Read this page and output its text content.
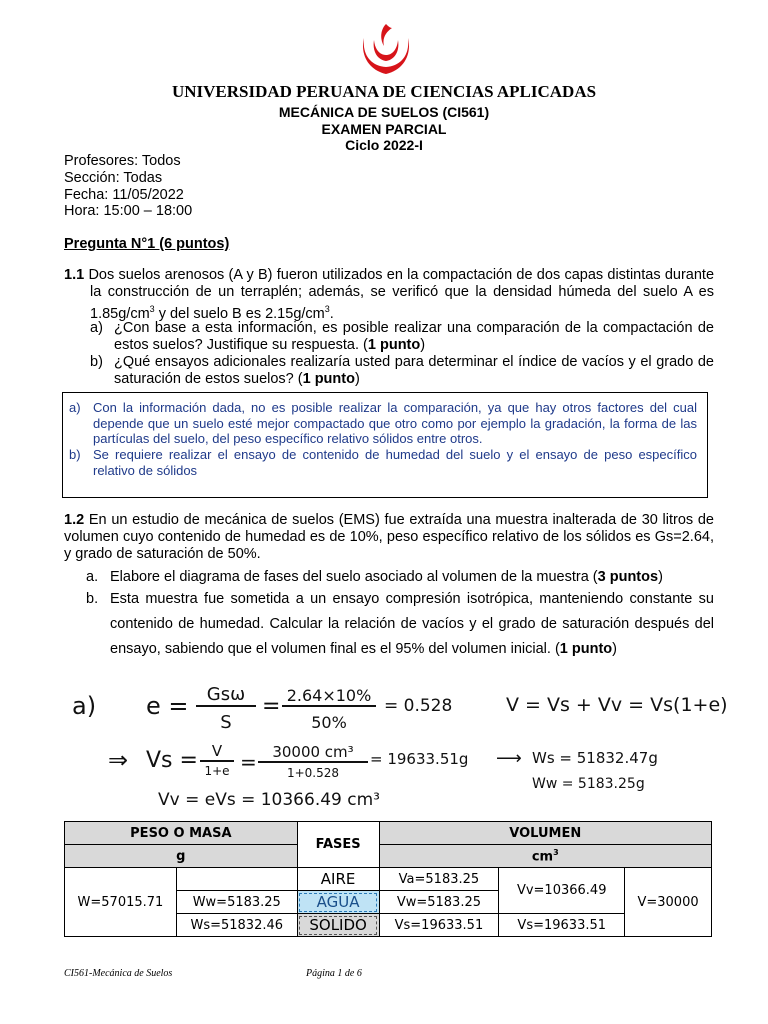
UNIVERSIDAD PERUANA DE CIENCIAS APLICADAS
MECÁNICA DE SUELOS (CI561)
EXAMEN PARCIAL
Ciclo 2022-I
Profesores: Todos
Sección: Todas
Fecha: 11/05/2022
Hora: 15:00 – 18:00
Pregunta N°1 (6 puntos)
1.1 Dos suelos arenosos (A y B) fueron utilizados en la compactación de dos capas distintas durante la construcción de un terraplén; además, se verificó que la densidad húmeda del suelo A es $1.85g/cm^3$ y del suelo B es $2.15g/cm^3$.
a) ¿Con base a esta información, es posible realizar una comparación de la compactación de estos suelos? Justifique su respuesta. (1 punto)
b) ¿Qué ensayos adicionales realizaría usted para determinar el índice de vacíos y el grado de saturación de estos suelos? (1 punto)
a) Con la información dada, no es posible realizar la comparación, ya que hay otros factores del cual depende que un suelo esté mejor compactado que otro como por ejemplo la gradación, la forma de las partículas del suelo, del peso específico relativo sólidos entre otros.
b) Se requiere realizar el ensayo de contenido de humedad del suelo y el ensayo de peso específico relativo de sólidos
1.2 En un estudio de mecánica de suelos (EMS) fue extraída una muestra inalterada de 30 litros de volumen cuyo contenido de humedad es de 10%, peso específico relativo de los sólidos es Gs=2.64, y grado de saturación de 50%.
a. Elabore el diagrama de fases del suelo asociado al volumen de la muestra (3 puntos)
b. Esta muestra fue sometida a un ensayo compresión isotrópica, manteniendo constante su contenido de humedad. Calcular la relación de vacíos y el grado de saturación después del ensayo, sabiendo que el volumen final es el 95% del volumen inicial. (1 punto)
a) e =	Gsω
S
= 2.64×10%
50%
= 0.528	V = Vs + Vv = Vs(1+e)
⇒ Vs = V
1+e =	30000 cm³
1+0.528
= 19633.51g ⟶ Ws = 51832.47g
Ww = 5183.25g
Vv = eVs = 10366.49 cm³
PESO O MASA		FASES	VOLUMEN		
g			$cm^3$
W=57015.71		AIRE	Va=5183.25	Vv=10366.49	V=30000
	Ww=5183.25	AGUA	Vw=5183.25		
	Ws=51832.46	SOLIDO	Vs=19633.51	Vs=19633.51	
CI561-Mecánica de Suelos	Página 1 de 6
